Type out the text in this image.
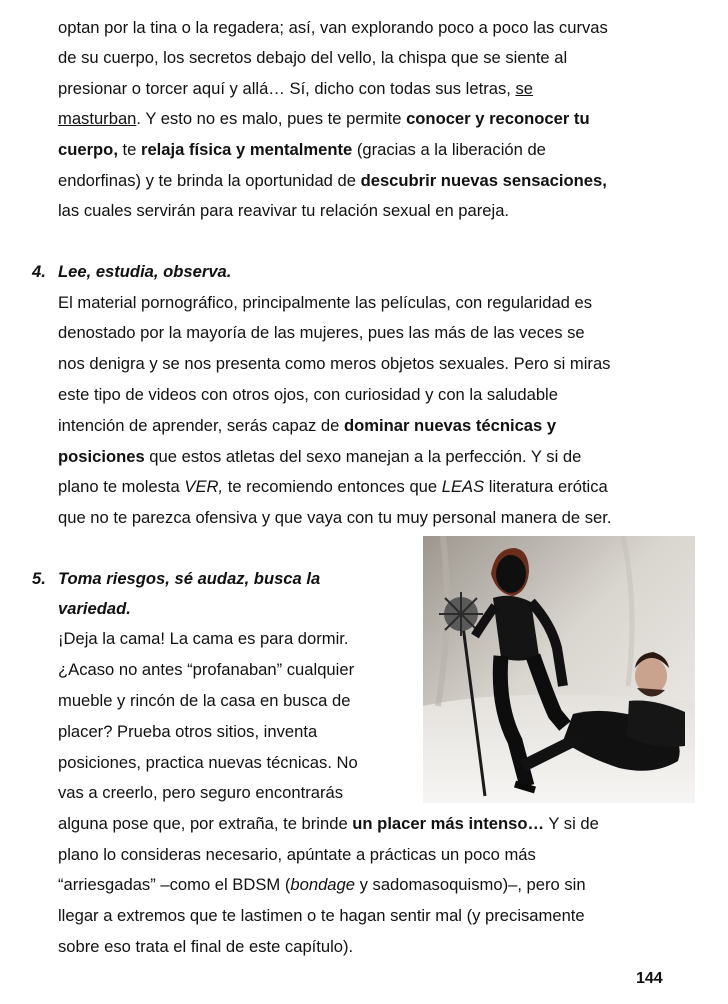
optan por la tina o la regadera; así, van explorando poco a poco las curvas
de su cuerpo, los secretos debajo del vello, la chispa que se siente al
presionar o torcer aquí y allá… Sí, dicho con todas sus letras, se
masturban. Y esto no es malo, pues te permite conocer y reconocer tu
cuerpo, te relaja física y mentalmente (gracias a la liberación de
endorfinas) y te brinda la oportunidad de descubrir nuevas sensaciones,
las cuales servirán para reavivar tu relación sexual en pareja.
4. Lee, estudia, observa.
El material pornográfico, principalmente las películas, con regularidad es
denostado por la mayoría de las mujeres, pues las más de las veces se
nos denigra y se nos presenta como meros objetos sexuales. Pero si miras
este tipo de videos con otros ojos, con curiosidad y con la saludable
intención de aprender, serás capaz de dominar nuevas técnicas y
posiciones que estos atletas del sexo manejan a la perfección. Y si de
plano te molesta VER, te recomiendo entonces que LEAS literatura erótica
que no te parezca ofensiva y que vaya con tu muy personal manera de ser.
5. Toma riesgos, sé audaz, busca la
variedad.
¡Deja la cama! La cama es para dormir.
¿Acaso no antes “profanaban” cualquier
mueble y rincón de la casa en busca de
placer? Prueba otros sitios, inventa
posiciones, practica nuevas técnicas. No
vas a creerlo, pero seguro encontrarás
alguna pose que, por extraña, te brinde un placer más intenso… Y si de
plano lo consideras necesario, apúntate a prácticas un poco más
“arriesgadas” –como el BDSM (bondage y sadomasoquismo)–, pero sin
llegar a extremos que te lastimen o te hagan sentir mal (y precisamente
sobre eso trata el final de este capítulo).
144
